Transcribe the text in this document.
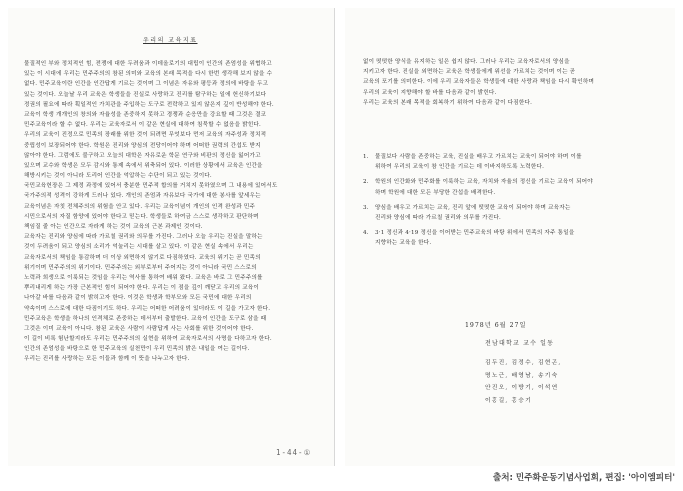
우리의 교육지표
물질적인 부와 정치적인 힘, 전쟁에 대한 두려움과 이데올로기의 대립이 인간의 존엄성을 위협하고
있는 이 시대에 우리는 민주주의의 참된 의미와 교육의 본래 목적을 다시 한번 생각해 보지 않을 수
없다. 민주교육이란 인간을 인간답게 기르는 것이며 그 이념은 자유와 평등과 정의에 바탕을 두고
있는 것이다. 오늘날 우리 교육은 학생들을 진실로 사랑하고 진리를 탐구하는 일에 헌신하기보다
정권의 필요에 따라 획일적인 가치관을 주입하는 도구로 전락하고 있지 않은지 깊이 반성해야 한다.
교육이 학생 개개인의 창의와 자율성을 존중하지 못하고 경쟁과 순응만을 강요할 때 그것은 결코
민주교육이라 할 수 없다. 우리는 교육자로서 이 같은 현실에 대하여 침묵할 수 없음을 밝힌다.
우리의 교육이 진정으로 민족의 장래를 위한 것이 되려면 무엇보다 먼저 교육의 자주성과 정치적
중립성이 보장되어야 한다. 학원은 진리와 양심의 전당이어야 하며 어떠한 권력의 간섭도 받지
않아야 한다. 그럼에도 불구하고 오늘의 대학은 자유로운 학문 연구와 비판의 정신을 잃어가고
있으며 교수와 학생은 모두 감시와 통제 속에서 위축되어 있다. 이러한 상황에서 교육은 인간을
해방시키는 것이 아니라 도리어 인간을 억압하는 수단이 되고 있는 것이다.
국민교육헌장은 그 제정 과정에 있어서 충분한 민주적 합의를 거치지 못하였으며 그 내용에 있어서도
국가주의적 성격이 강하게 드러나 있다. 개인의 존엄과 자유보다 국가에 대한 봉사를 앞세우는
교육이념은 자칫 전체주의의 위험을 안고 있다. 우리는 교육이념이 개인의 인격 완성과 민주
시민으로서의 자질 함양에 있어야 한다고 믿는다. 학생들로 하여금 스스로 생각하고 판단하며
책임질 줄 아는 인간으로 자라게 하는 것이 교육의 근본 과제인 것이다.
교육자는 진리와 양심에 따라 가르칠 권리와 의무를 가진다. 그러나 오늘 우리는 진실을 말하는
것이 두려움이 되고 양심의 소리가 억눌리는 시대를 살고 있다. 이 같은 현실 속에서 우리는
교육자로서의 책임을 통감하며 더 이상 외면하지 않기로 다짐하였다. 교육의 위기는 곧 민족의
위기이며 민주주의의 위기이다. 민주주의는 외부로부터 주어지는 것이 아니라 국민 스스로의
노력과 희생으로 이룩되는 것임을 우리는 역사를 통하여 배워 왔다. 교육은 바로 그 민주주의를
뿌리내리게 하는 가장 근본적인 힘이 되어야 한다. 우리는 이 점을 깊이 깨닫고 우리의 교육이
나아갈 바를 다음과 같이 밝히고자 한다. 이것은 학생과 학부모와 모든 국민에 대한 우리의
약속이며 스스로에 대한 다짐이기도 하다. 우리는 어떠한 어려움이 있더라도 이 길을 가고자 한다.
민주교육은 학생을 하나의 인격체로 존중하는 데서부터 출발한다. 교육이 인간을 도구로 삼을 때
그것은 이미 교육이 아니다. 참된 교육은 사람이 사람답게 사는 사회를 위한 것이어야 한다.
이 길이 비록 험난할지라도 우리는 민주주의의 실현을 위하여 교육자로서의 사명을 다하고자 한다.
인간의 존엄성을 바탕으로 한 민주교육의 실천만이 우리 민족의 밝은 내일을 여는 길이다.
우리는 진리를 사랑하는 모든 이들과 함께 이 뜻을 나누고자 한다.
1-44-①
없이 떳떳한 양식을 유지하는 일은 쉽지 않다. 그러나 우리는 교육자로서의 양심을
지키고자 한다. 진실을 외면하는 교육은 학생들에게 위선을 가르치는 것이며 이는 곧
교육의 포기를 의미한다. 이에 우리 교육자들은 학생들에 대한 사랑과 책임을 다시 확인하며
우리의 교육이 지향해야 할 바를 다음과 같이 밝힌다.
우리는 교육의 본래 목적을 회복하기 위하여 다음과 같이 다짐한다.
1.	물질보다 사람을 존중하는 교육, 진실을 배우고 가르치는 교육이 되어야 하며 이를
위하여 우리의 교육이 참 인간을 기르는 데 이바지하도록 노력한다.
2.	학원의 인간화와 민주화를 이룩하는 교육, 자치와 자율의 정신을 기르는 교육이 되어야
하며 학원에 대한 모든 부당한 간섭을 배격한다.
3.	양심을 배우고 가르치는 교육, 진리 앞에 떳떳한 교육이 되어야 하며 교육자는
진리와 양심에 따라 가르칠 권리와 의무를 가진다.
4.	3·1 정신과 4·19 정신을 이어받는 민주교육의 바탕 위에서 민족의 자주 통일을
지향하는 교육을 한다.
1978년 6월 27일
전남대학교 교수 일동
김두진, 김정수, 김현곤,
명노근, 배영남, 송기숙
안진오, 이방기, 이석연
이홍길, 홍승기
출처: 민주화운동기념사업회, 편집: '아이엠피터'
